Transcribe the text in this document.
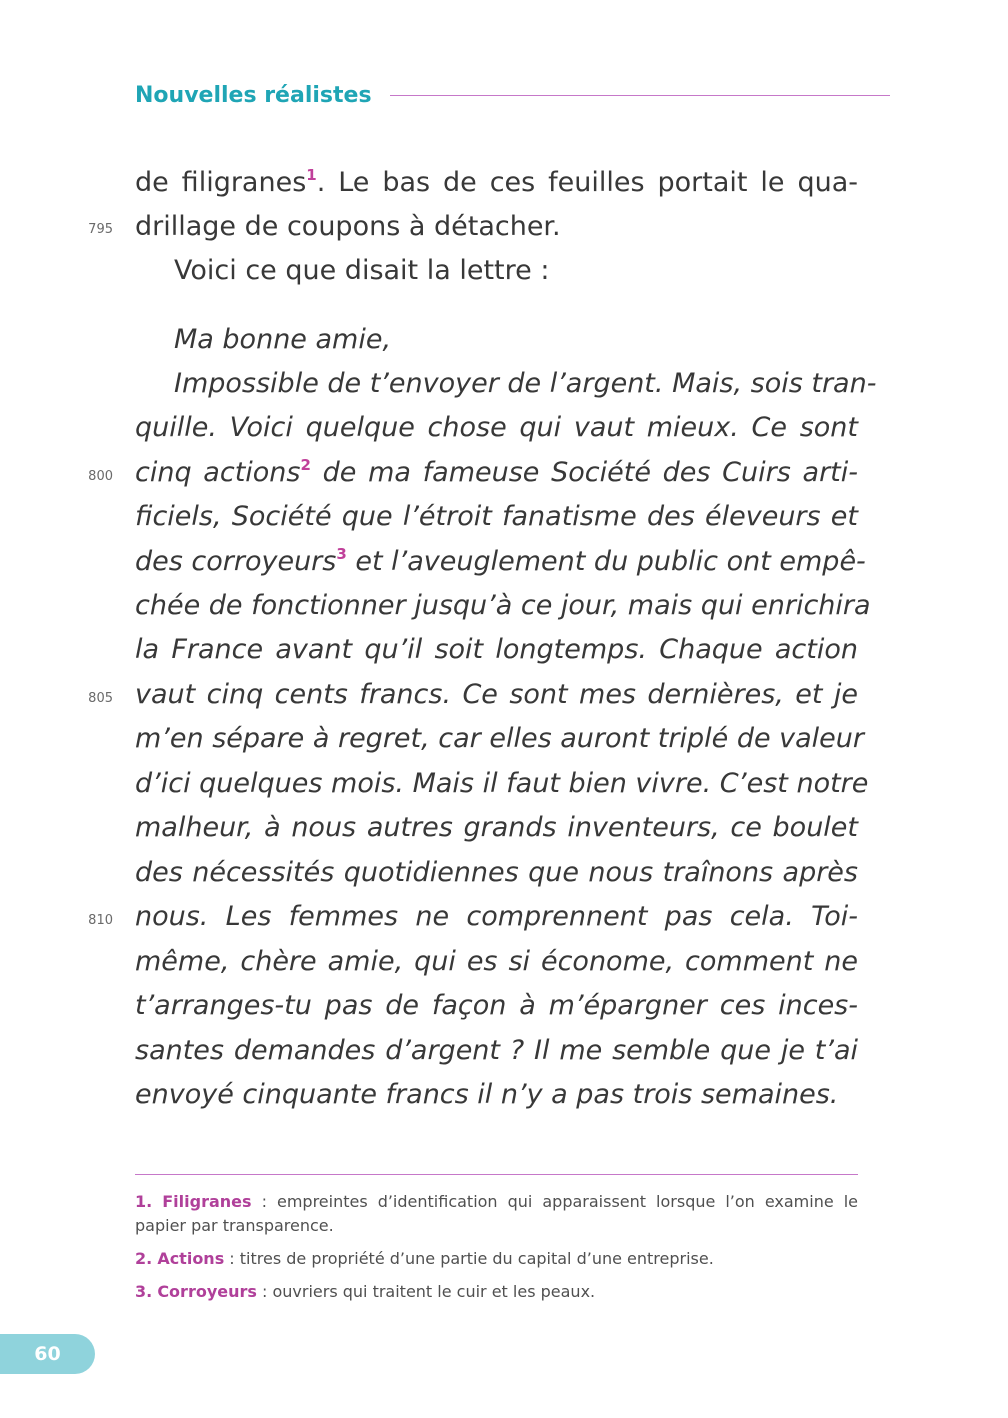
Nouvelles réalistes
795
800
805
810
de filigranes$^1$. Le bas de ces feuilles portait le qua-
drillage de coupons à détacher.
Voici ce que disait la lettre :
Ma bonne amie,
Impossible de t’envoyer de l’argent. Mais, sois tran-
quille. Voici quelque chose qui vaut mieux. Ce sont
cinq actions$^2$ de ma fameuse Société des Cuirs arti-
ficiels, Société que l’étroit fanatisme des éleveurs et
des corroyeurs$^3$ et l’aveuglement du public ont empê-
chée de fonctionner jusqu’à ce jour, mais qui enrichira
la France avant qu’il soit longtemps. Chaque action
vaut cinq cents francs. Ce sont mes dernières, et je
m’en sépare à regret, car elles auront triplé de valeur
d’ici quelques mois. Mais il faut bien vivre. C’est notre
malheur, à nous autres grands inventeurs, ce boulet
des nécessités quotidiennes que nous traînons après
nous. Les femmes ne comprennent pas cela. Toi-
même, chère amie, qui es si économe, comment ne
t’arranges-tu pas de façon à m’épargner ces inces-
santes demandes d’argent ? Il me semble que je t’ai
envoyé cinquante francs il n’y a pas trois semaines.
1. Filigranes : empreintes d’identification qui apparaissent lorsque l’on examine le papier par transparence.
2. Actions : titres de propriété d’une partie du capital d’une entreprise.
3. Corroyeurs : ouvriers qui traitent le cuir et les peaux.
60
